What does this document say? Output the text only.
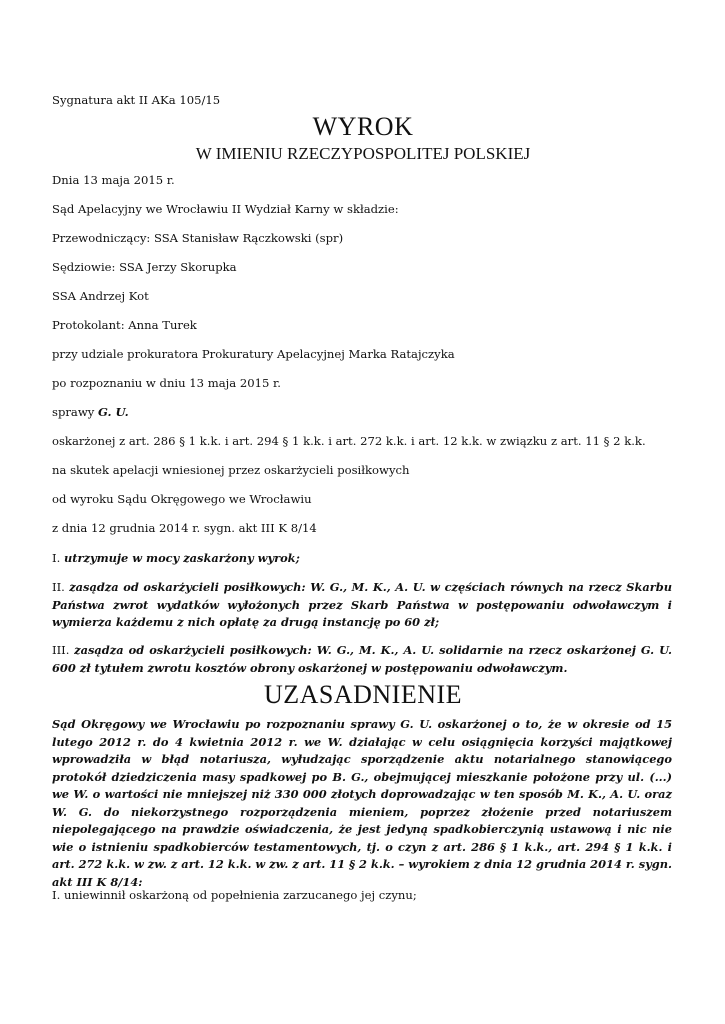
Sygnatura akt II AKa 105/15

WYROK
W IMIENIU RZECZYPOSPOLITEJ POLSKIEJ

Dnia 13 maja 2015 r.

Sąd Apelacyjny we Wrocławiu II Wydział Karny w składzie:

Przewodniczący: SSA Stanisław Rączkowski (spr)

Sędziowie: SSA Jerzy Skorupka

SSA Andrzej Kot

Protokolant: Anna Turek

przy udziale prokuratora Prokuratury Apelacyjnej Marka Ratajczyka

po rozpoznaniu w dniu 13 maja 2015 r.

sprawy G. U.

oskarżonej z art. 286 § 1 k.k. i art. 294 § 1 k.k. i art. 272 k.k. i art. 12 k.k. w związku z art. 11 § 2 k.k.

na skutek apelacji wniesionej przez oskarżycieli posiłkowych

od wyroku Sądu Okręgowego we Wrocławiu

z dnia 12 grudnia 2014 r. sygn. akt III K 8/14

I. utrzymuje w mocy zaskarżony wyrok;

II. zasądza od oskarżycieli posiłkowych: W. G., M. K., A. U. w częściach równych na rzecz Skarbu Państwa zwrot wydatków wyłożonych przez Skarb Państwa w postępowaniu odwoławczym i wymierza każdemu z nich opłatę za drugą instancję po 60 zł;

III. zasądza od oskarżycieli posiłkowych: W. G., M. K., A. U. solidarnie na rzecz oskarżonej G. U. 600 zł tytułem zwrotu kosztów obrony oskarżonej w postępowaniu odwoławczym.

UZASADNIENIE

Sąd Okręgowy we Wrocławiu po rozpoznaniu sprawy G. U. oskarżonej o to, że w okresie od 15 lutego 2012 r. do 4 kwietnia 2012 r. we W. działając w celu osiągnięcia korzyści majątkowej wprowadziła w błąd notariusza, wyłudzając sporządzenie aktu notarialnego stanowiącego protokół dziedziczenia masy spadkowej po B. G., obejmującej mieszkanie położone przy ul. (...) we W. o wartości nie mniejszej niż 330 000 złotych doprowadzając w ten sposób M. K., A. U. oraz W. G. do niekorzystnego rozporządzenia mieniem, poprzez złożenie przed notariuszem niepolegającego na prawdzie oświadczenia, że jest jedyną spadkobierczynią ustawową i nic nie wie o istnieniu spadkobierców testamentowych, tj. o czyn z art. 286 § 1 k.k., art. 294 § 1 k.k. i art. 272 k.k. w zw. z art. 12 k.k. w zw. z art. 11 § 2 k.k. – wyrokiem z dnia 12 grudnia 2014 r. sygn. akt III K 8/14:

I. uniewinnił oskarżoną od popełnienia zarzucanego jej czynu;
